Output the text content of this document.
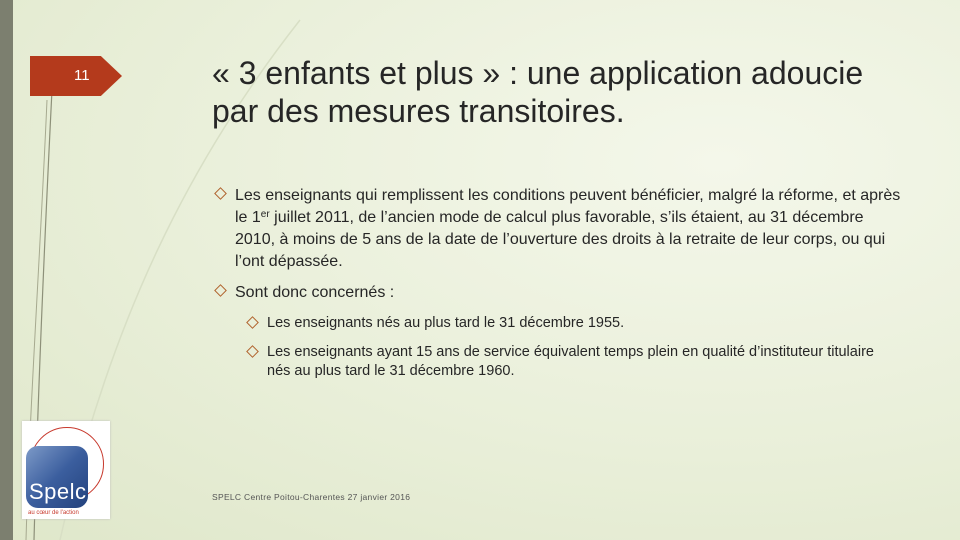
11	« 3 enfants et plus » : une application adoucie par des mesures transitoires.
Les enseignants qui remplissent les conditions peuvent bénéficier, malgré la réforme, et après le 1er juillet 2011, de l’ancien mode de calcul plus favorable, s’ils étaient, au 31 décembre 2010, à moins de 5 ans de la date de l’ouverture des droits à la retraite de leur corps, ou qui l’ont dépassée.
Sont donc concernés :
Les enseignants nés au plus tard le 31 décembre 1955.
Les enseignants ayant 15 ans de service équivalent temps plein en qualité d’instituteur titulaire nés au plus tard le 31 décembre 1960.
Spelc
au cœur de l'action
SPELC Centre Poitou-Charentes 27 janvier 2016
